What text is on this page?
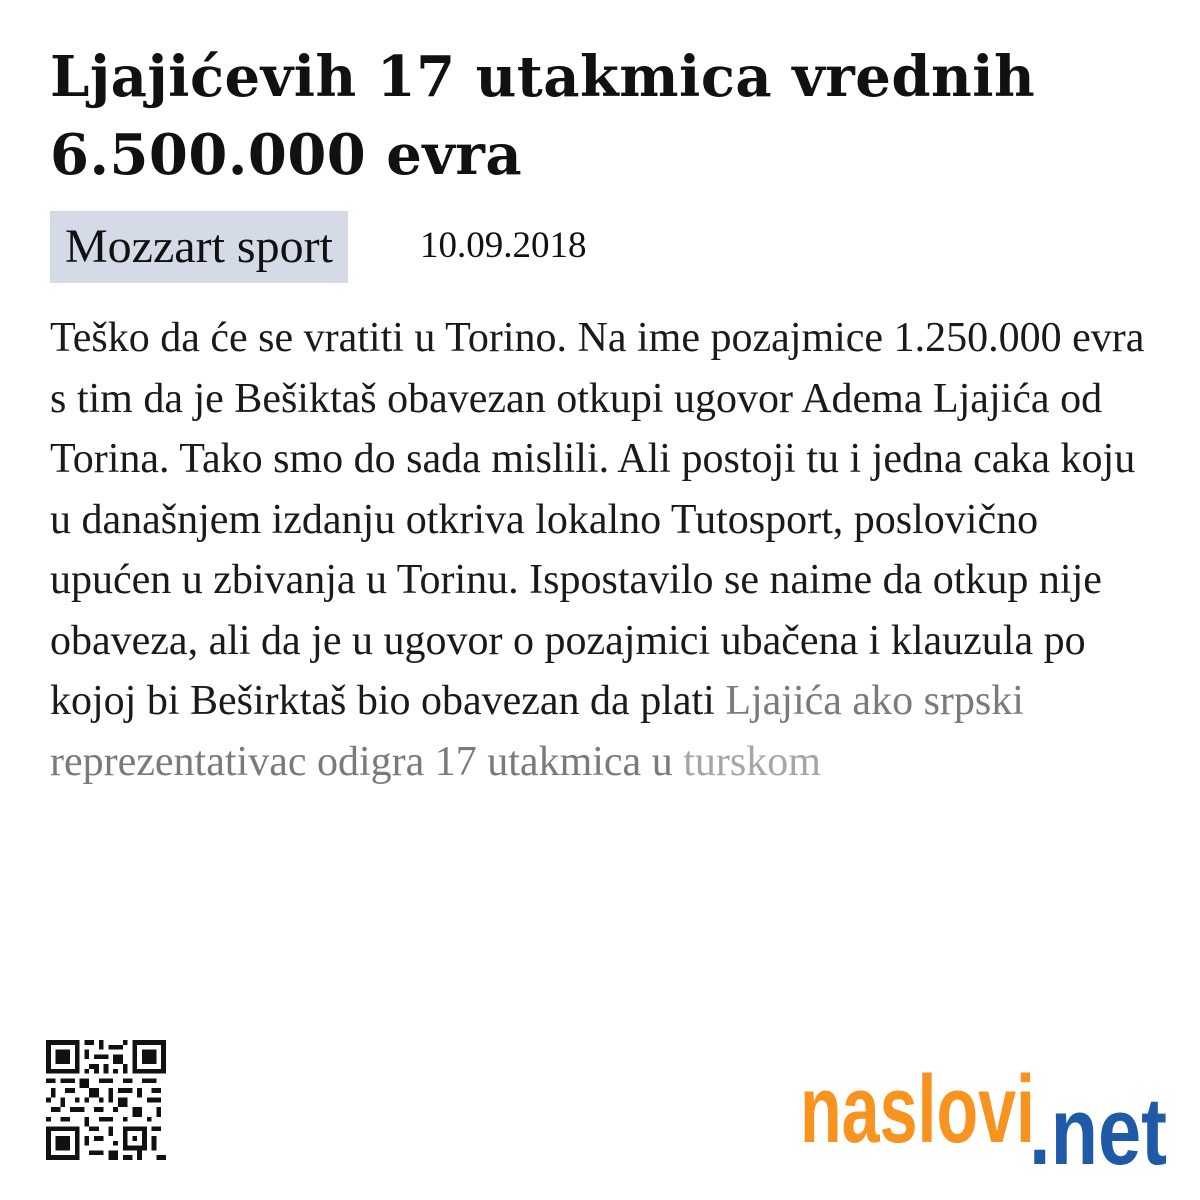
Ljajićevih 17 utakmica vrednih 6.500.000 evra
Mozzart sport	10.09.2018

Teško da će se vratiti u Torino. Na ime pozajmice 1.250.000 evra s tim da je Bešiktaš obavezan otkupi ugovor Adema Ljajića od Torina. Tako smo do sada mislili. Ali postoji tu i jedna caka koju u današnjem izdanju otkriva lokalno Tutosport, poslovično upućen u zbivanja u Torinu. Ispostavilo se naime da otkup nije obaveza, ali da je u ugovor o pozajmici ubačena i klauzula po kojoj bi Beširktaš bio obavezan da plati Ljajića ako srpski reprezentativac odigra 17 utakmica u turskom

naslovi
.net
